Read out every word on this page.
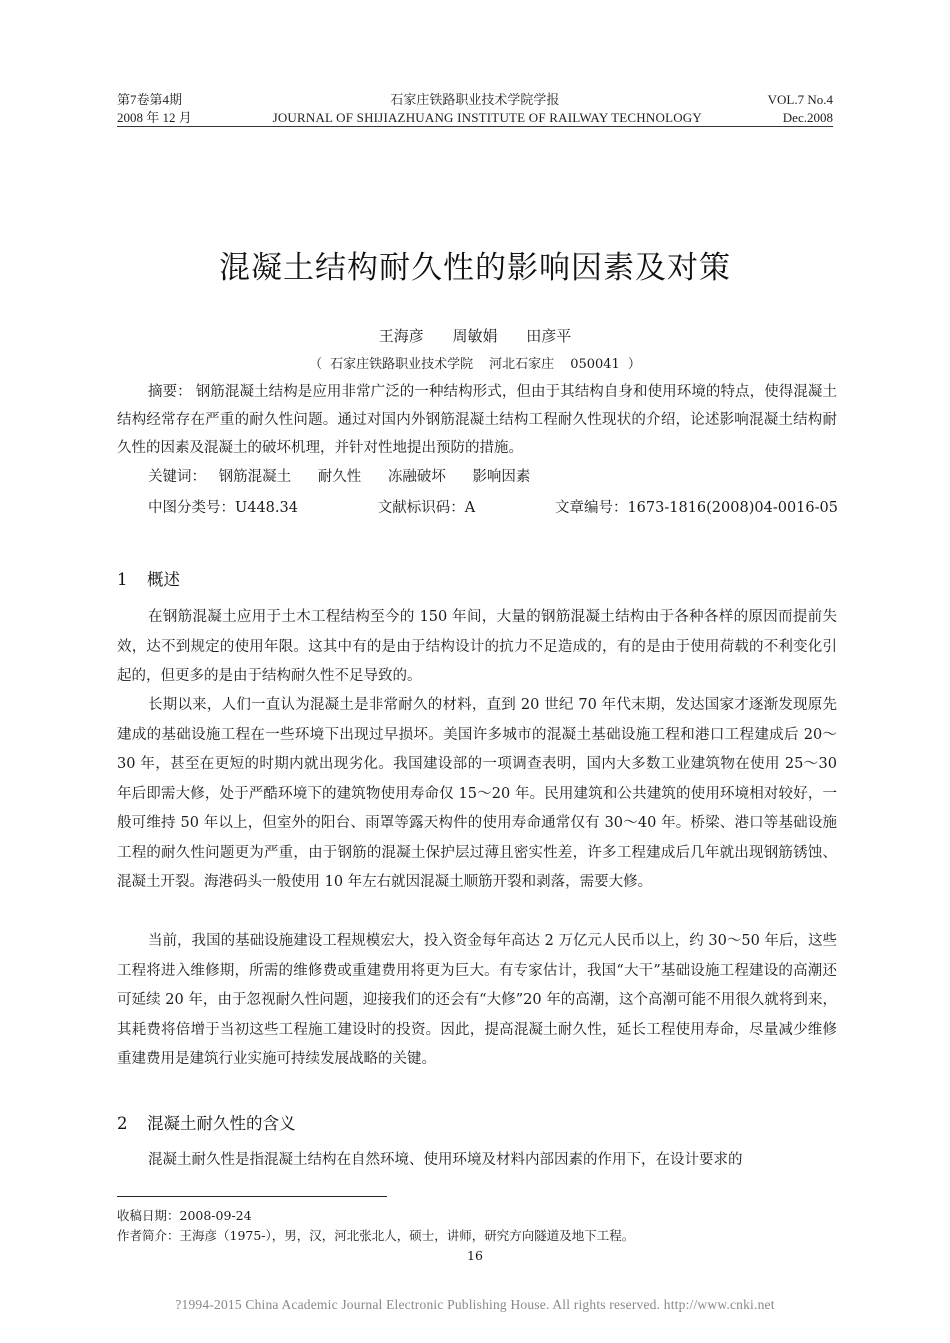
第7卷第4期	石家庄铁路职业技术学院学报	VOL.7 No.4
2008 年 12 月	JOURNAL OF SHIJIAZHUANG INSTITUTE OF RAILWAY TECHNOLOGY	Dec.2008
混凝土结构耐久性的影响因素及对策
王海彦 周敏娟 田彦平
（ 石家庄铁路职业技术学院 河北石家庄 050041 ）
摘要： 钢筋混凝土结构是应用非常广泛的一种结构形式，但由于其结构自身和使用环境的特点，使得混凝土结构经常存在严重的耐久性问题。通过对国内外钢筋混凝土结构工程耐久性现状的介绍，论述影响混凝土结构耐久性的因素及混凝土的破坏机理，并针对性地提出预防的措施。
关键词： 钢筋混凝土 耐久性 冻融破坏 影响因素
中图分类号：U448.34	文献标识码：A	文章编号：1673-1816(2008)04-0016-05
1 概述

在钢筋混凝土应用于土木工程结构至今的 150 年间，大量的钢筋混凝土结构由于各种各样的原因而提前失效，达不到规定的使用年限。这其中有的是由于结构设计的抗力不足造成的，有的是由于使用荷载的不利变化引起的，但更多的是由于结构耐久性不足导致的。

长期以来，人们一直认为混凝土是非常耐久的材料，直到 20 世纪 70 年代末期，发达国家才逐渐发现原先建成的基础设施工程在一些环境下出现过早损坏。美国许多城市的混凝土基础设施工程和港口工程建成后 20～30 年，甚至在更短的时期内就出现劣化。我国建设部的一项调查表明，国内大多数工业建筑物在使用 25～30 年后即需大修，处于严酷环境下的建筑物使用寿命仅 15～20 年。民用建筑和公共建筑的使用环境相对较好，一般可维持 50 年以上，但室外的阳台、雨罩等露天构件的使用寿命通常仅有 30～40 年。桥梁、港口等基础设施工程的耐久性问题更为严重，由于钢筋的混凝土保护层过薄且密实性差，许多工程建成后几年就出现钢筋锈蚀、混凝土开裂。海港码头一般使用 10 年左右就因混凝土顺筋开裂和剥落，需要大修。

当前，我国的基础设施建设工程规模宏大，投入资金每年高达 2 万亿元人民币以上，约 30～50 年后，这些工程将进入维修期，所需的维修费或重建费用将更为巨大。有专家估计，我国“大干”基础设施工程建设的高潮还可延续 20 年，由于忽视耐久性问题，迎接我们的还会有“大修”20 年的高潮，这个高潮可能不用很久就将到来，其耗费将倍增于当初这些工程施工建设时的投资。因此，提高混凝土耐久性，延长工程使用寿命，尽量减少维修重建费用是建筑行业实施可持续发展战略的关键。

2 混凝土耐久性的含义

混凝土耐久性是指混凝土结构在自然环境、使用环境及材料内部因素的作用下，在设计要求的

收稿日期：2008-09-24
作者简介：王海彦（1975-），男，汉，河北张北人，硕士，讲师，研究方向隧道及地下工程。
16
?1994-2015 China Academic Journal Electronic Publishing House. All rights reserved. http://www.cnki.net
